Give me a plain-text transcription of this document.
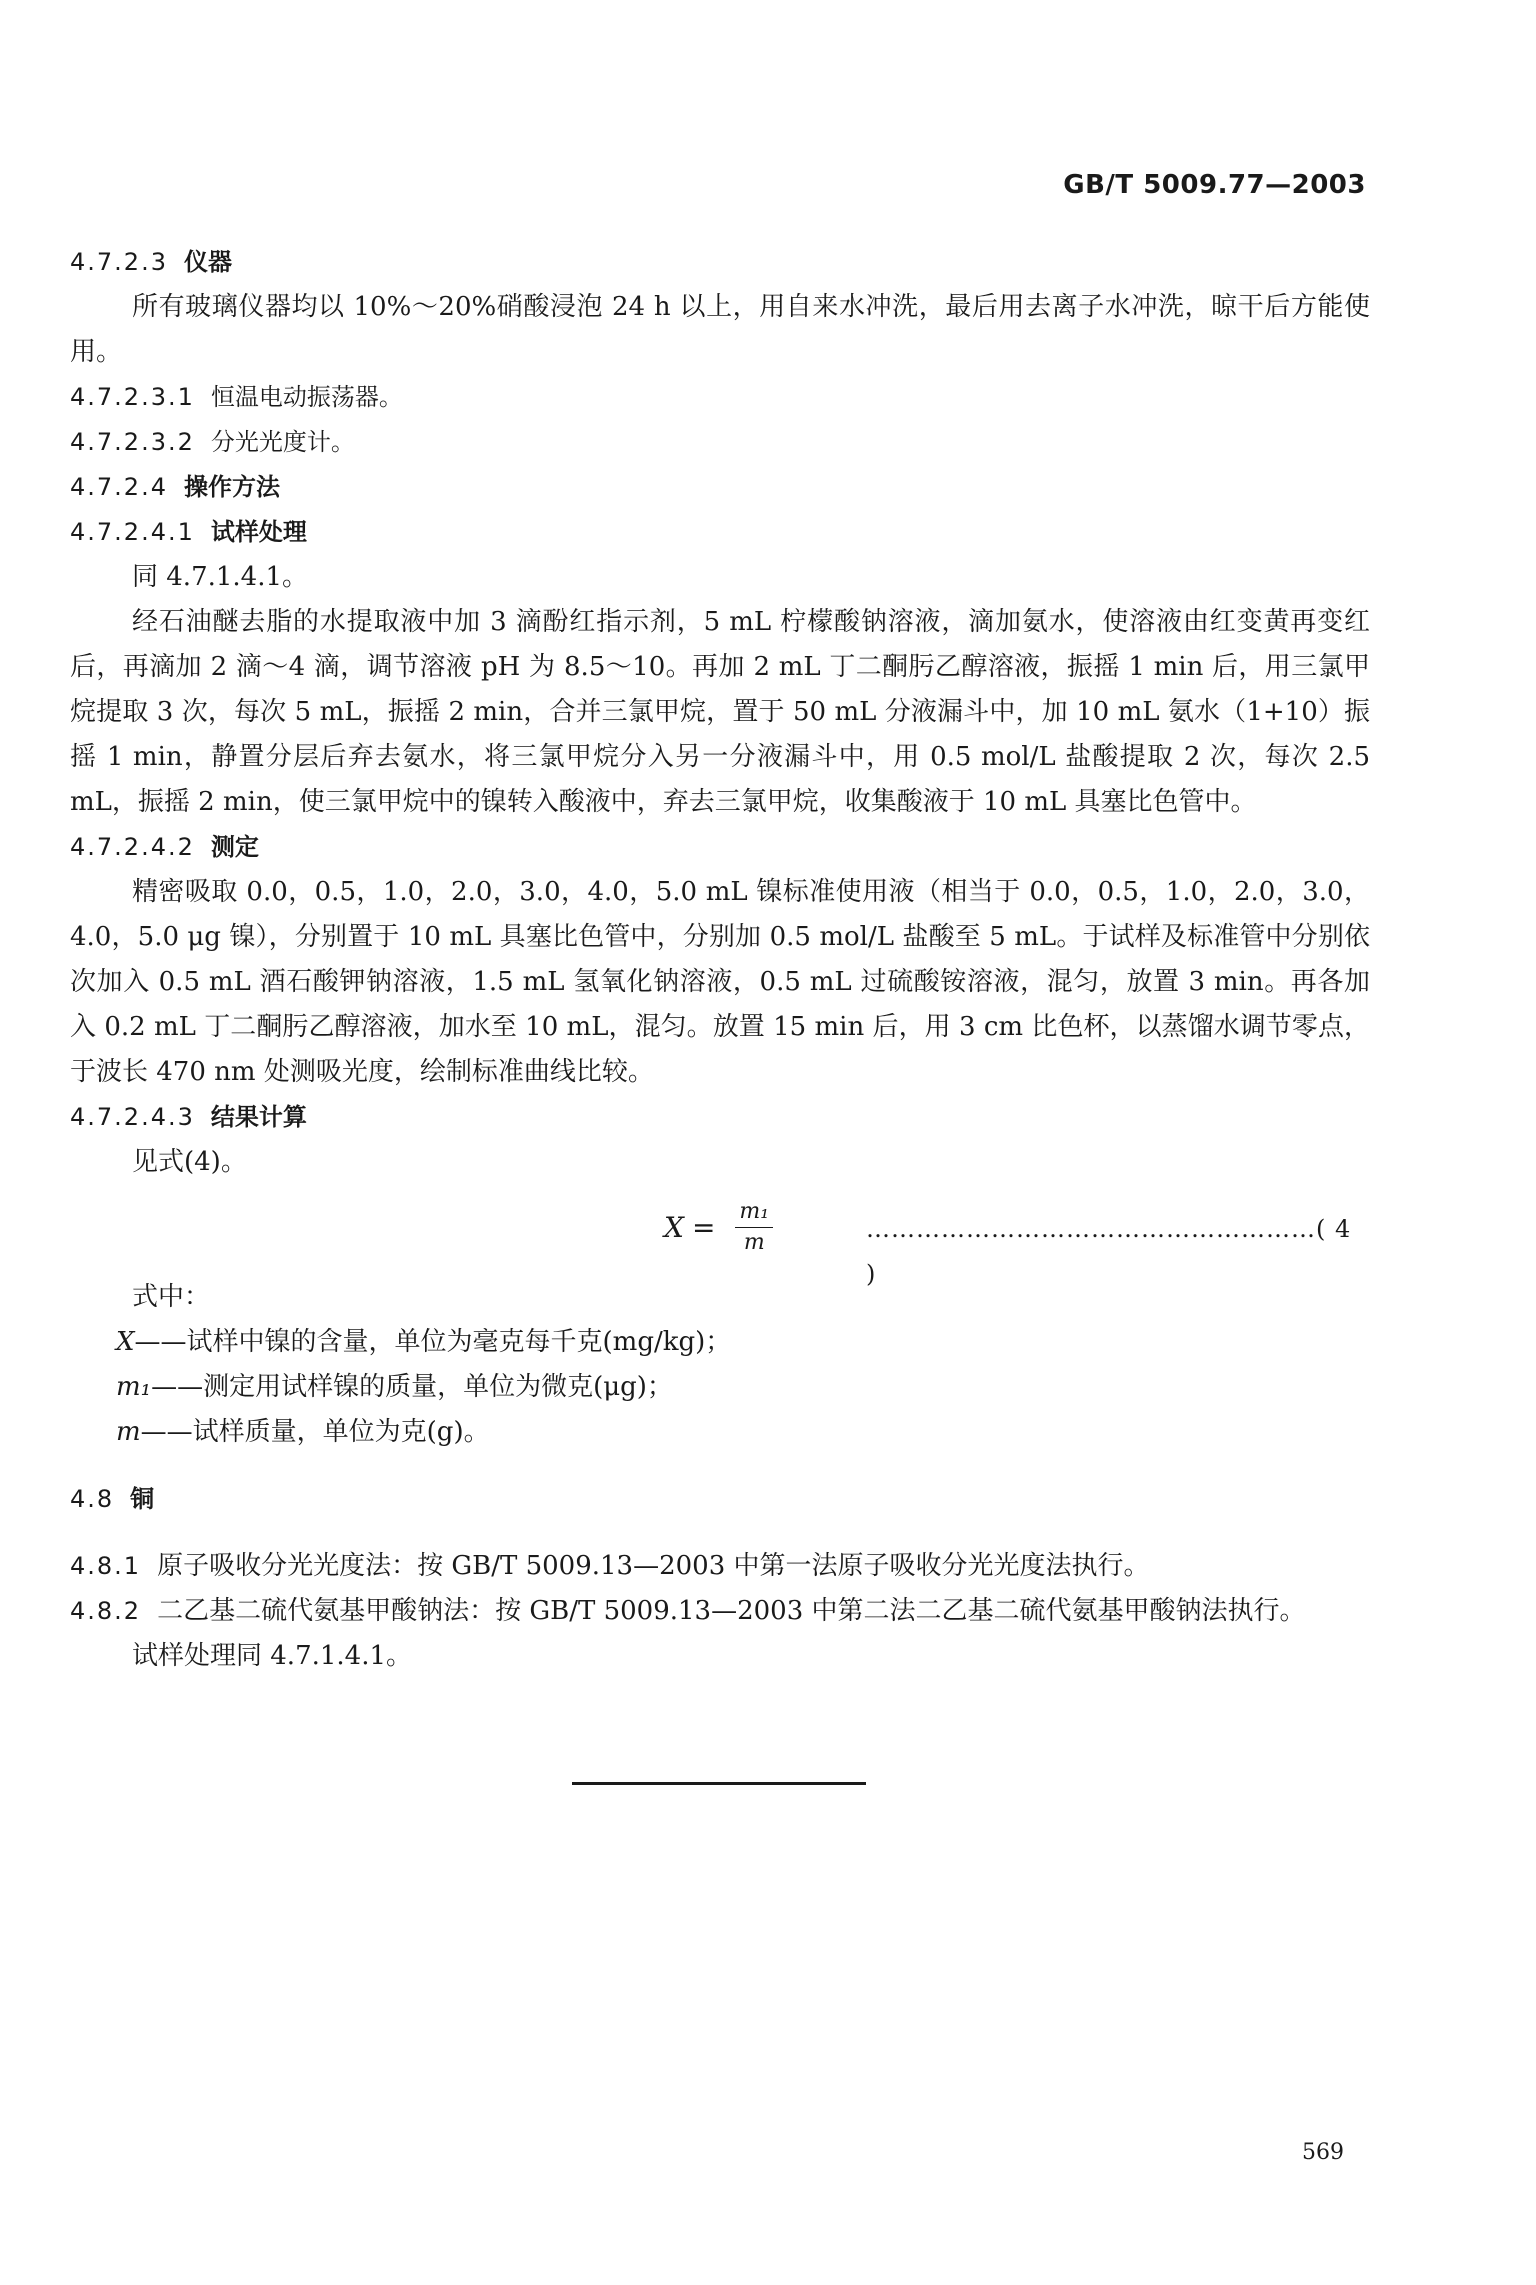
GB/T 5009.77—2003

4.7.2.3 仪器

所有玻璃仪器均以 10%～20%硝酸浸泡 24 h 以上，用自来水冲洗，最后用去离子水冲洗，晾干后方能使用。

4.7.2.3.1 恒温电动振荡器。

4.7.2.3.2 分光光度计。

4.7.2.4 操作方法

4.7.2.4.1 试样处理

同 4.7.1.4.1。

经石油醚去脂的水提取液中加 3 滴酚红指示剂，5 mL 柠檬酸钠溶液，滴加氨水，使溶液由红变黄再变红后，再滴加 2 滴～4 滴，调节溶液 pH 为 8.5～10。再加 2 mL 丁二酮肟乙醇溶液，振摇 1 min 后，用三氯甲烷提取 3 次，每次 5 mL，振摇 2 min，合并三氯甲烷，置于 50 mL 分液漏斗中，加 10 mL 氨水（1+10）振摇 1 min，静置分层后弃去氨水，将三氯甲烷分入另一分液漏斗中，用 0.5 mol/L 盐酸提取 2 次，每次 2.5 mL，振摇 2 min，使三氯甲烷中的镍转入酸液中，弃去三氯甲烷，收集酸液于 10 mL 具塞比色管中。

4.7.2.4.2 测定

精密吸取 0.0，0.5，1.0，2.0，3.0，4.0，5.0 mL 镍标准使用液（相当于 0.0，0.5，1.0，2.0，3.0，4.0，5.0 μg 镍），分别置于 10 mL 具塞比色管中，分别加 0.5 mol/L 盐酸至 5 mL。于试样及标准管中分别依次加入 0.5 mL 酒石酸钾钠溶液，1.5 mL 氢氧化钠溶液，0.5 mL 过硫酸铵溶液，混匀，放置 3 min。再各加入 0.2 mL 丁二酮肟乙醇溶液，加水至 10 mL，混匀。放置 15 min 后，用 3 cm 比色杯，以蒸馏水调节零点，于波长 470 nm 处测吸光度，绘制标准曲线比较。

4.7.2.4.3 结果计算

见式(4)。

$X = \frac{\text{m₁}}{m}$	………………………………………………( 4 )

式中：

X——试样中镍的含量，单位为毫克每千克(mg/kg)；

m₁——测定用试样镍的质量，单位为微克(μg)；

m——试样质量，单位为克(g)。

4.8 铜

4.8.1 原子吸收分光光度法：按 GB/T 5009.13—2003 中第一法原子吸收分光光度法执行。

4.8.2 二乙基二硫代氨基甲酸钠法：按 GB/T 5009.13—2003 中第二法二乙基二硫代氨基甲酸钠法执行。

试样处理同 4.7.1.4.1。

569
